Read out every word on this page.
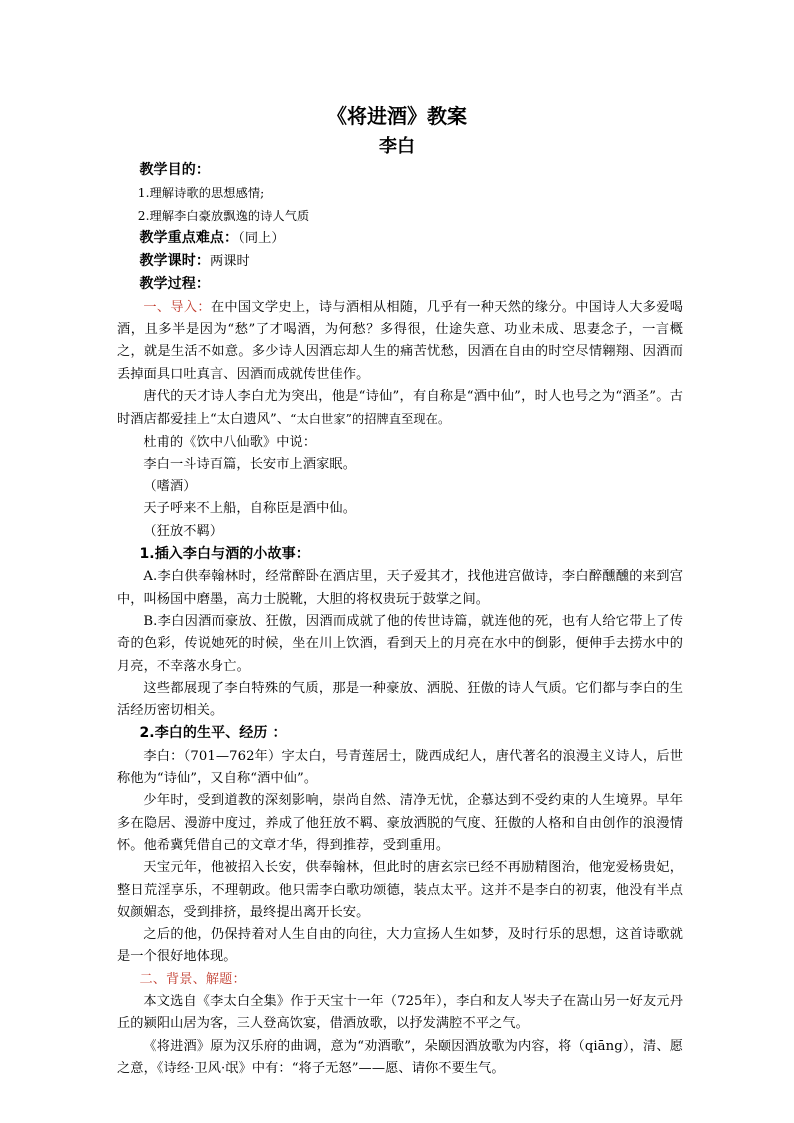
《将进酒》教案
李白

教学目的：

1.理解诗歌的思想感情;

2.理解李白豪放飘逸的诗人气质

教学重点难点：（同上）

教学课时：两课时

教学过程：

一、导入：在中国文学史上，诗与酒相从相随，几乎有一种天然的缘分。中国诗人大多爱喝酒，且多半是因为“愁”了才喝酒，为何愁？多得很，仕途失意、功业未成、思妻念子，一言概之，就是生活不如意。多少诗人因酒忘却人生的痛苦忧愁，因酒在自由的时空尽情翱翔、因酒而丢掉面具口吐真言、因酒而成就传世佳作。

唐代的天才诗人李白尤为突出，他是“诗仙”，有自称是“酒中仙”，时人也号之为“酒圣”。古时酒店都爱挂上“太白遗风”、“太白世家”的招牌直至现在。

杜甫的《饮中八仙歌》中说：

李白一斗诗百篇，长安市上酒家眠。

（嗜酒）

天子呼来不上船，自称臣是酒中仙。

（狂放不羁）

1.插入李白与酒的小故事：

A.李白供奉翰林时，经常醉卧在酒店里，天子爱其才，找他进宫做诗，李白醉醺醺的来到宫中，叫杨国中磨墨，高力士脱靴，大胆的将权贵玩于鼓掌之间。

B.李白因酒而豪放、狂傲，因酒而成就了他的传世诗篇，就连他的死，也有人给它带上了传奇的色彩，传说她死的时候，坐在川上饮酒，看到天上的月亮在水中的倒影，便伸手去捞水中的月亮，不幸落水身亡。

这些都展现了李白特殊的气质，那是一种豪放、洒脱、狂傲的诗人气质。它们都与李白的生活经历密切相关。

2.李白的生平、经历 ：

李白：（701—762年）字太白，号青莲居士，陇西成纪人，唐代著名的浪漫主义诗人，后世称他为“诗仙”，又自称“酒中仙”。

少年时，受到道教的深刻影响，崇尚自然、清净无忧，企慕达到不受约束的人生境界。早年多在隐居、漫游中度过，养成了他狂放不羁、豪放洒脱的气度、狂傲的人格和自由创作的浪漫情怀。他希冀凭借自己的文章才华，得到推荐，受到重用。

天宝元年，他被招入长安，供奉翰林，但此时的唐玄宗已经不再励精图治，他宠爱杨贵妃，整日荒淫享乐，不理朝政。他只需李白歌功颂德，装点太平。这并不是李白的初衷，他没有半点奴颜媚态，受到排挤，最终提出离开长安。

之后的他，仍保持着对人生自由的向往，大力宣扬人生如梦，及时行乐的思想，这首诗歌就是一个很好地体现。

二、背景、解题：

本文选自《李太白全集》作于天宝十一年（725年），李白和友人岑夫子在嵩山另一好友元丹丘的颍阳山居为客，三人登高饮宴，借酒放歌，以抒发满腔不平之气。

《将进酒》原为汉乐府的曲调，意为“劝酒歌”，朵颐因酒放歌为内容，将（qiāng），清、愿之意，《诗经·卫风·氓》中有：“将子无怒”——愿、请你不要生气。
